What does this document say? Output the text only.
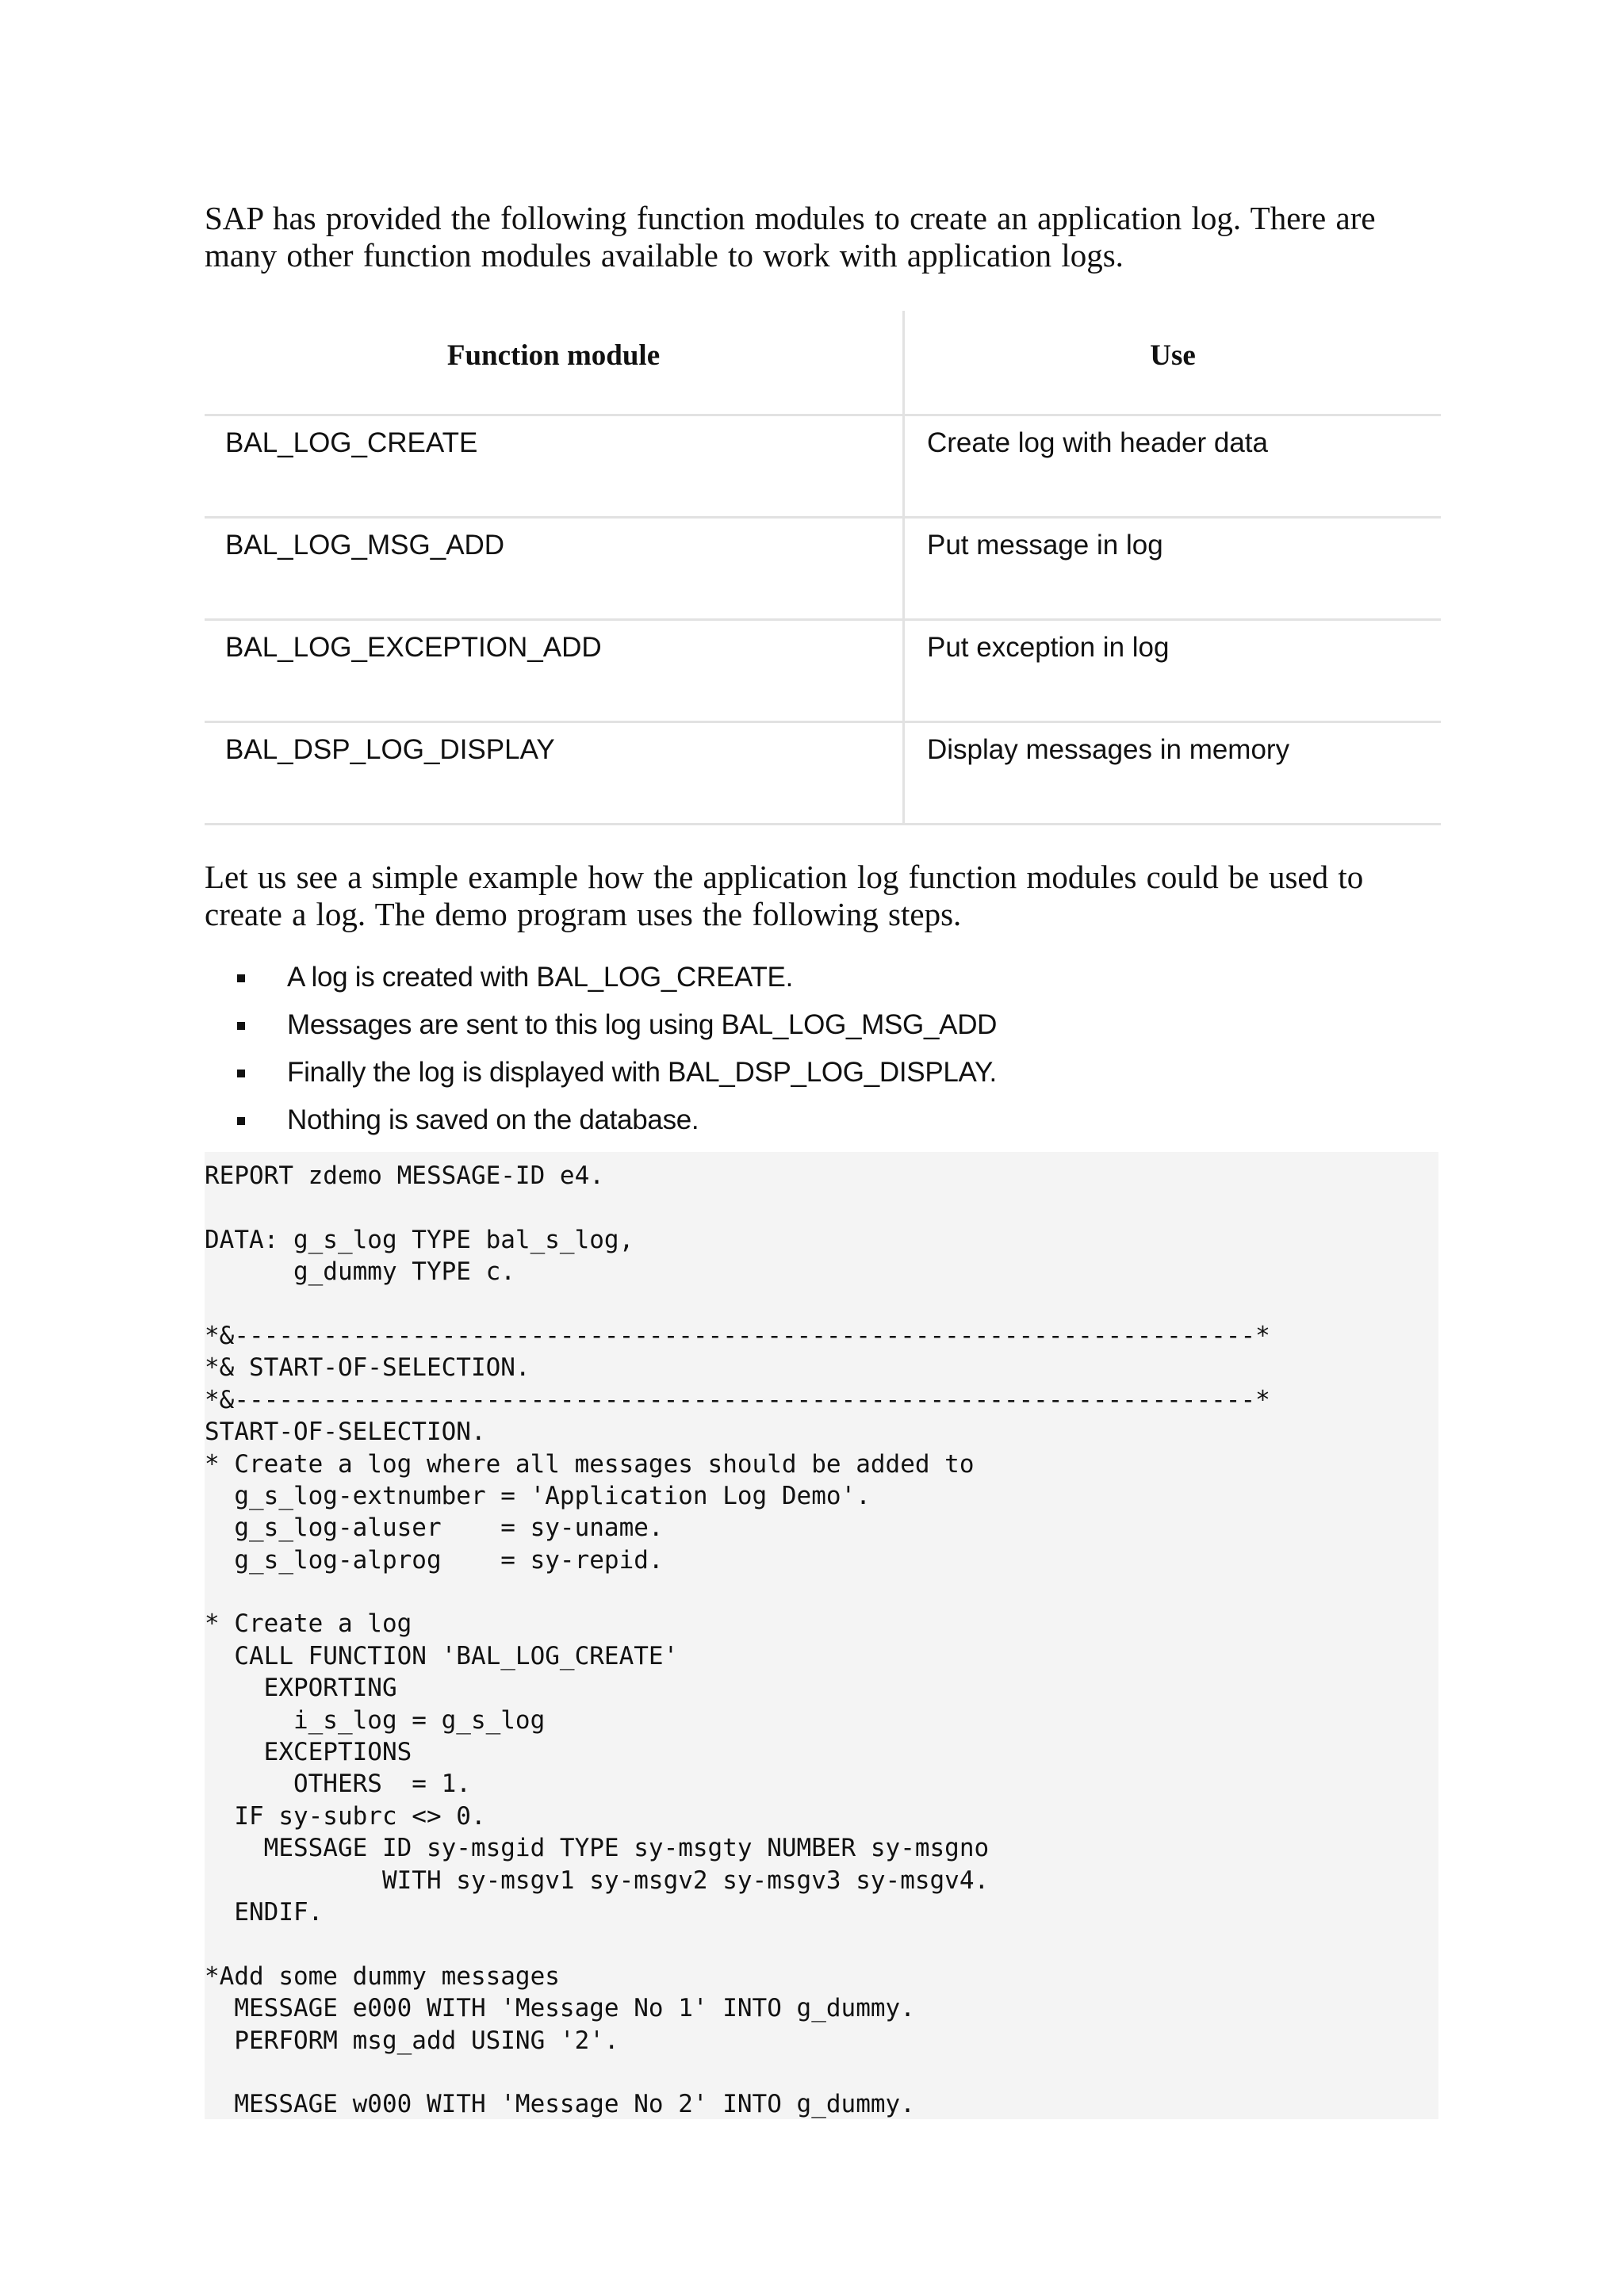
SAP has provided the following function modules to create an application log. There are many other function modules available to work with application logs.

Function module	Use
BAL_LOG_CREATE	Create log with header data
BAL_LOG_MSG_ADD	Put message in log
BAL_LOG_EXCEPTION_ADD	Put exception in log
BAL_DSP_LOG_DISPLAY	Display messages in memory

Let us see a simple example how the application log function modules could be used to create a log. The demo program uses the following steps.

A log is created with BAL_LOG_CREATE.
Messages are sent to this log using BAL_LOG_MSG_ADD
Finally the log is displayed with BAL_DSP_LOG_DISPLAY.
Nothing is saved on the database.
REPORT zdemo MESSAGE-ID e4.
DATA: g_s_log TYPE bal_s_log,
g_dummy TYPE c.
*&---------------------------------------------------------------------*
*& START-OF-SELECTION.
*&---------------------------------------------------------------------*
START-OF-SELECTION.
* Create a log where all messages should be added to
g_s_log-extnumber = 'Application Log Demo'.
g_s_log-aluser    = sy-uname.
g_s_log-alprog    = sy-repid.
* Create a log
CALL FUNCTION 'BAL_LOG_CREATE'
EXPORTING
i_s_log = g_s_log
EXCEPTIONS
OTHERS  = 1.
IF sy-subrc <> 0.
MESSAGE ID sy-msgid TYPE sy-msgty NUMBER sy-msgno
WITH sy-msgv1 sy-msgv2 sy-msgv3 sy-msgv4.
ENDIF.
*Add some dummy messages
MESSAGE e000 WITH 'Message No 1' INTO g_dummy.
PERFORM msg_add USING '2'.
MESSAGE w000 WITH 'Message No 2' INTO g_dummy.
